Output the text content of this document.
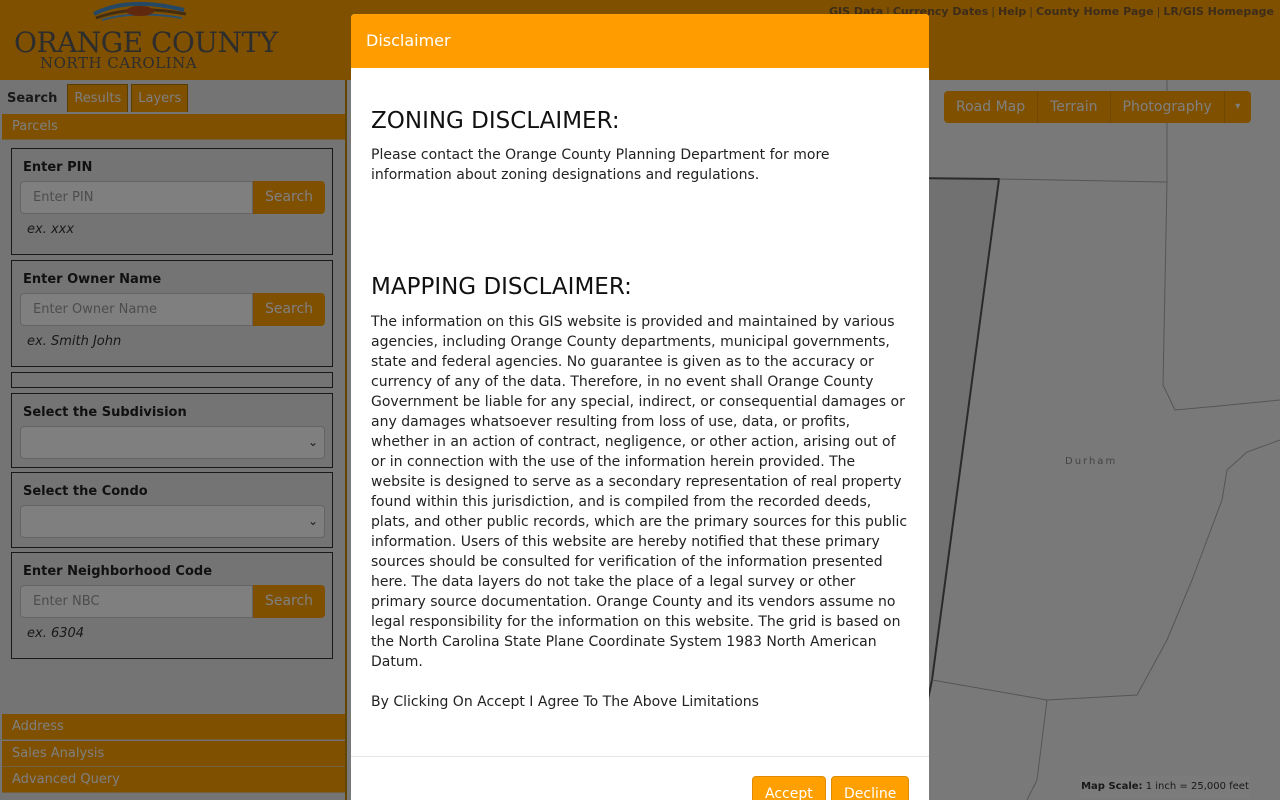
Disclaimer
ZONING DISCLAIMER:
Please contact the Orange County Planning Department for more information about zoning designations and regulations.
MAPPING DISCLAIMER:
The information on this GIS website is provided and maintained by various agencies, including Orange County departments, municipal governments, state and federal agencies. No guarantee is given as to the accuracy or currency of any of the data. Therefore, in no event shall Orange County Government be liable for any special, indirect, or consequential damages or any damages whatsoever resulting from loss of use, data, or profits, whether in an action of contract, negligence, or other action, arising out of or in connection with the use of the information herein provided. The website is designed to serve as a secondary representation of real property found within this jurisdiction, and is compiled from the recorded deeds, plats, and other public records, which are the primary sources for this public information. Users of this website are hereby notified that these primary sources should be consulted for verification of the information presented here. The data layers do not take the place of a legal survey or other primary source documentation. Orange County and its vendors assume no legal responsibility for the information on this website. The grid is based on the North Carolina State Plane Coordinate System 1983 North American Datum.
By Clicking On Accept I Agree To The Above Limitations
Accept	Decline
